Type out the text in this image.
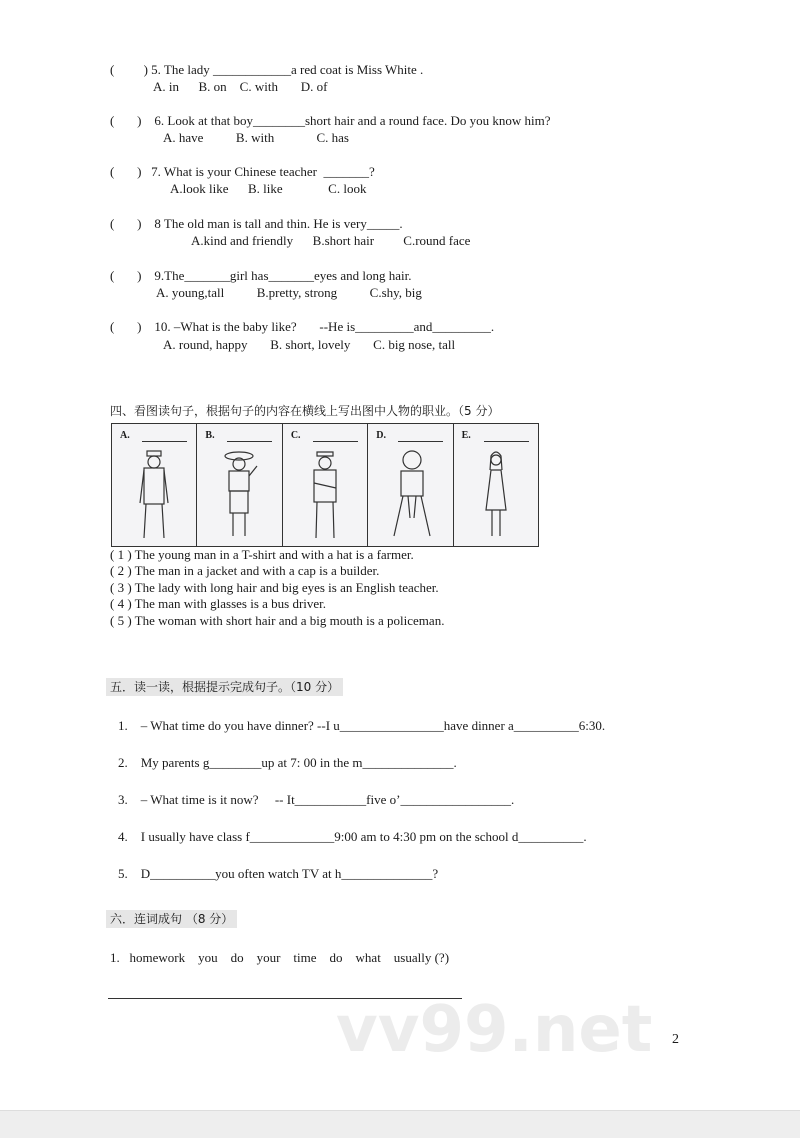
(         ) 5. The lady ____________a red coat is Miss White .
A. in      B. on    C. with       D. of
(       )    6. Look at that boy________short hair and a round face. Do you know him?
A. have          B. with             C. has
(       )   7. What is your Chinese teacher  _______?
A.look like      B. like              C. look
(       )    8 The old man is tall and thin. He is very_____.
A.kind and friendly      B.short hair         C.round face
(       )    9.The_______girl has_______eyes and long hair.
A. young,tall          B.pretty, strong          C.shy, big
(       )    10. –What is the baby like?       --He is_________and_________.
A. round, happy       B. short, lovely       C. big nose, tall
四、看图读句子，根据句子的内容在横线上写出图中人物的职业。（5 分）
A.	B.	C.	D.	E.
( 1 ) The young man in a T-shirt and with a hat is a farmer.
( 2 ) The man in a jacket and with a cap is a builder.
( 3 ) The lady with long hair and big eyes is an English teacher.
( 4 ) The man with glasses is a bus driver.
( 5 ) The woman with short hair and a big mouth is a policeman.
五．读一读，根据提示完成句子。（10 分）
1.    – What time do you have dinner? --I u________________have dinner a__________6:30.
2.    My parents g________up at 7: 00 in the m______________.
3.    – What time is it now?     -- It___________five o’_________________.
4.    I usually have class f_____________9:00 am to 4:30 pm on the school d__________.
5.    D__________you often watch TV at h______________?
六．连词成句 （8 分）
1.   homework    you    do    your    time    do    what    usually (?)
vv99.net 2
